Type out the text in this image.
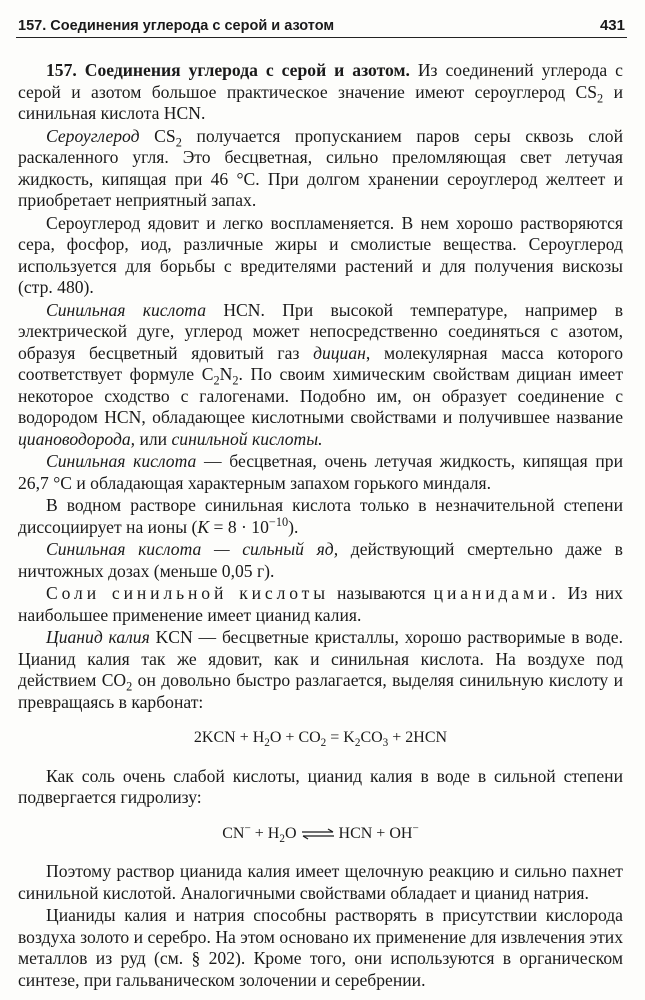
157. Соединения углерода с серой и азотом	431

157. Соединения углерода с серой и азотом. Из соединений углерода с серой и азотом большое практическое значение имеют сероуглерод $CS_2$ и синильная кислота HCN.

Сероуглерод $CS_2$ получается пропусканием паров серы сквозь слой раскаленного угля. Это бесцветная, сильно преломляющая свет летучая жидкость, кипящая при 46 °С. При долгом хранении сероуглерод желтеет и приобретает неприятный запах.

Сероуглерод ядовит и легко воспламеняется. В нем хорошо растворяются сера, фосфор, иод, различные жиры и смолистые вещества. Сероуглерод используется для борьбы с вредителями растений и для получения вискозы (стр. 480).

Синильная кислота HCN. При высокой температуре, например в электрической дуге, углерод может непосредственно соединяться с азотом, образуя бесцветный ядовитый газ дициан, молекулярная масса которого соответствует формуле $C_2N_2$. По своим химическим свойствам дициан имеет некоторое сходство с галогенами. Подобно им, он образует соединение с водородом HCN, обладающее кислотными свойствами и получившее название циановодорода, или синильной кислоты.

Синильная кислота — бесцветная, очень летучая жидкость, кипящая при 26,7 °С и обладающая характерным запахом горького миндаля.

В водном растворе синильная кислота только в незначительной степени диссоциирует на ионы $(K = 8 \cdot 10^{-10})$.

Синильная кислота — сильный яд, действующий смертельно даже в ничтожных дозах (меньше 0,05 г).

Соли синильной кислоты называются цианидами. Из них наибольшее применение имеет цианид калия.

Цианид калия KCN — бесцветные кристаллы, хорошо растворимые в воде. Цианид калия так же ядовит, как и синильная кислота. На воздухе под действием $CO_2$ он довольно быстро разлагается, выделяя синильную кислоту и превращаясь в карбонат:

$2KCN + H_2O + CO_2 = K_2CO_3 + 2HCN$

Как соль очень слабой кислоты, цианид калия в воде в сильной степени подвергается гидролизу:

$CN^- + H_2O$ ⇌ HCN + OH−

Поэтому раствор цианида калия имеет щелочную реакцию и сильно пахнет синильной кислотой. Аналогичными свойствами обладает и цианид натрия.

Цианиды калия и натрия способны растворять в присутствии кислорода воздуха золото и серебро. На этом основано их применение для извлечения этих металлов из руд (см. § 202). Кроме того, они используются в органическом синтезе, при гальваническом золочении и серебрении.
